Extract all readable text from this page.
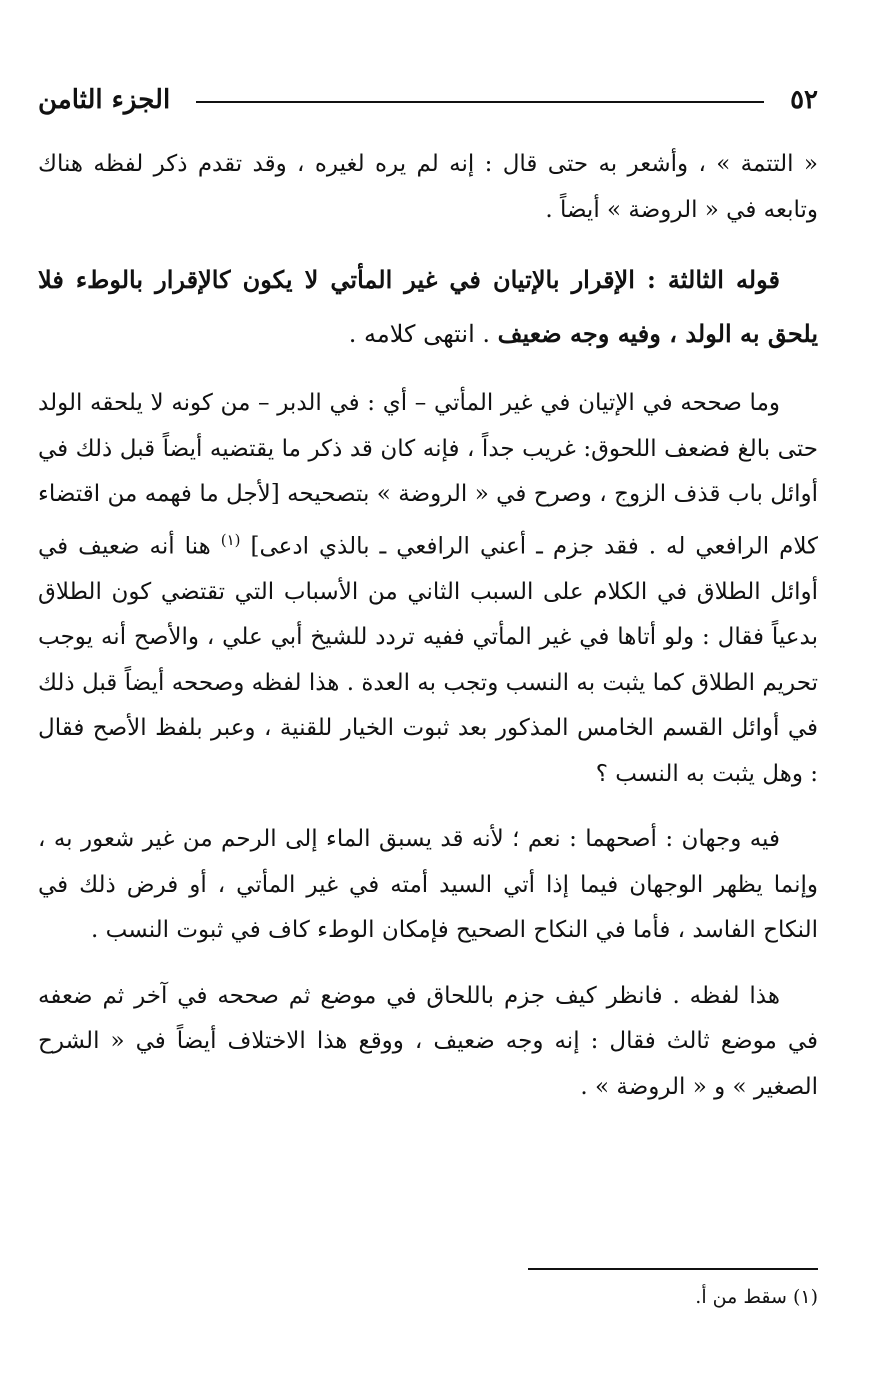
٥٢
الجزء الثامن

« التتمة » ، وأشعر به حتى قال : إنه لم يره لغيره ، وقد تقدم ذكر لفظه هناك وتابعه في « الروضة » أيضاً .

قوله الثالثة : الإقرار بالإتيان في غير المأتي لا يكون كالإقرار بالوطء فلا يلحق به الولد ، وفيه وجه ضعيف . انتهى كلامه .

وما صححه في الإتيان في غير المأتي – أي : في الدبر – من كونه لا يلحقه الولد حتى بالغ فضعف اللحوق: غريب جداً ، فإنه كان قد ذكر ما يقتضيه أيضاً قبل ذلك في أوائل باب قذف الزوج ، وصرح في « الروضة » بتصحيحه [لأجل ما فهمه من اقتضاء كلام الرافعي له . فقد جزم ـ أعني الرافعي ـ بالذي ادعى] $^{(١)}$ هنا أنه ضعيف في أوائل الطلاق في الكلام على السبب الثاني من الأسباب التي تقتضي كون الطلاق بدعياً فقال : ولو أتاها في غير المأتي ففيه تردد للشيخ أبي علي ، والأصح أنه يوجب تحريم الطلاق كما يثبت به النسب وتجب به العدة . هذا لفظه وصححه أيضاً قبل ذلك في أوائل القسم الخامس المذكور بعد ثبوت الخيار للقنية ، وعبر بلفظ الأصح فقال : وهل يثبت به النسب ؟

فيه وجهان : أصحهما : نعم ؛ لأنه قد يسبق الماء إلى الرحم من غير شعور به ، وإنما يظهر الوجهان فيما إذا أتي السيد أمته في غير المأتي ، أو فرض ذلك في النكاح الفاسد ، فأما في النكاح الصحيح فإمكان الوطء كاف في ثبوت النسب .

هذا لفظه . فانظر كيف جزم باللحاق في موضع ثم صححه في آخر ثم ضعفه في موضع ثالث فقال : إنه وجه ضعيف ، ووقع هذا الاختلاف أيضاً في « الشرح الصغير » و « الروضة » .

(١) سقط من أ.
